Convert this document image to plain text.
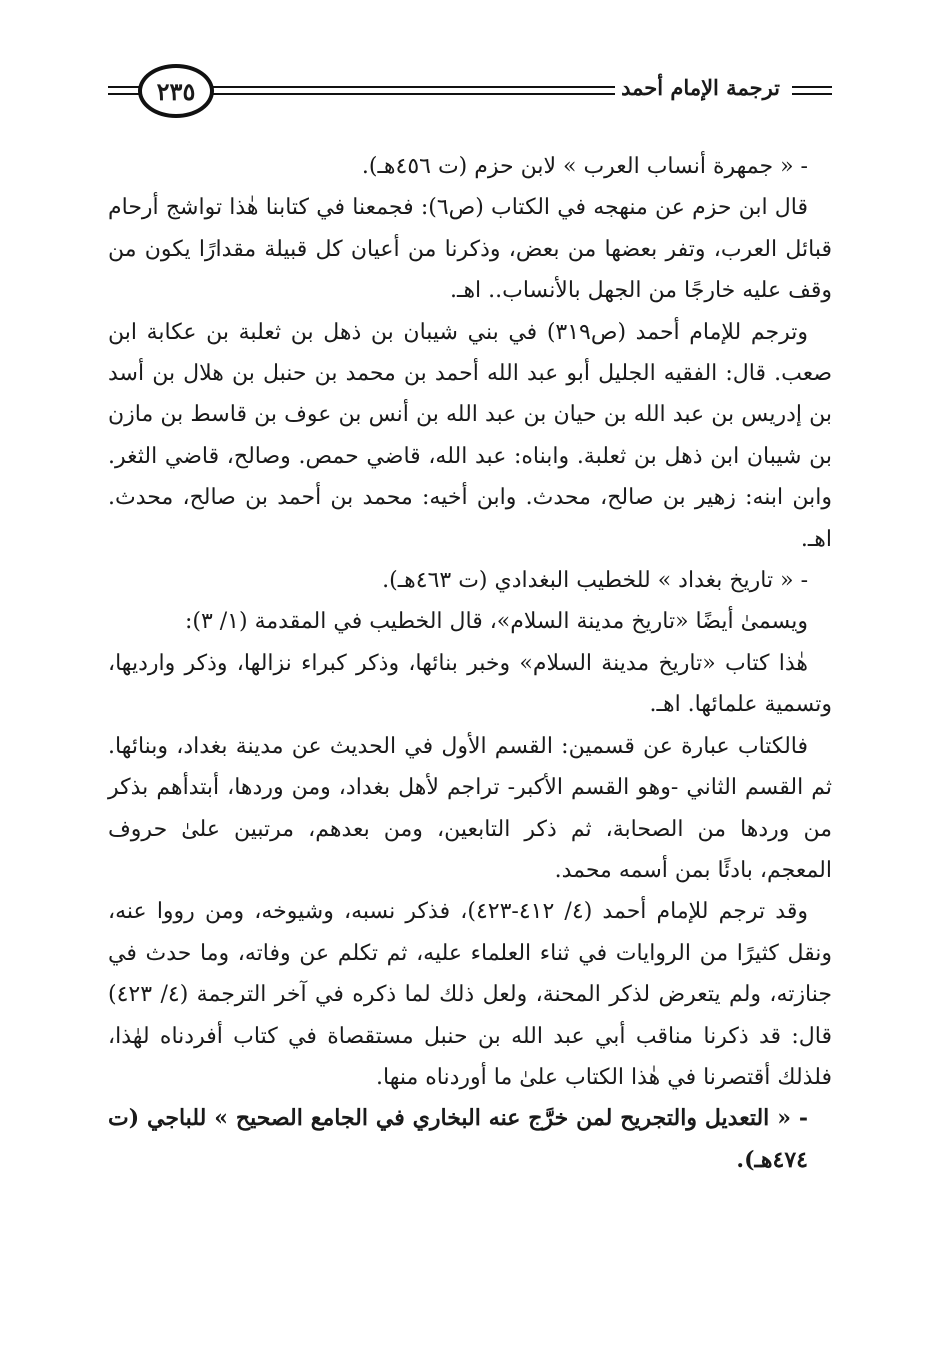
٢٣٥	ترجمة الإمام أحمد

- « جمهرة أنساب العرب » لابن حزم (ت ٤٥٦هـ).

قال ابن حزم عن منهجه في الكتاب (ص٦): فجمعنا في كتابنا هٰذا تواشج أرحام قبائل العرب، وتفر بعضها من بعض، وذكرنا من أعيان كل قبيلة مقدارًا يكون من وقف عليه خارجًا من الجهل بالأنساب.. اهـ.

وترجم للإمام أحمد (ص٣١٩) في بني شيبان بن ذهل بن ثعلبة بن عكابة ابن صعب. قال: الفقيه الجليل أبو عبد الله أحمد بن محمد بن حنبل بن هلال بن أسد بن إدريس بن عبد الله بن حيان بن عبد الله بن أنس بن عوف بن قاسط بن مازن بن شيبان ابن ذهل بن ثعلبة. وابناه: عبد الله، قاضي حمص. وصالح، قاضي الثغر. وابن ابنه: زهير بن صالح، محدث. وابن أخيه: محمد بن أحمد بن صالح، محدث. اهـ.

- « تاريخ بغداد » للخطيب البغدادي (ت ٤٦٣هـ).

ويسمىٰ أيضًا «تاريخ مدينة السلام»، قال الخطيب في المقدمة (١/ ٣):

هٰذا كتاب «تاريخ مدينة السلام» وخبر بنائها، وذكر كبراء نزالها، وذكر وارديها، وتسمية علمائها. اهـ.

فالكتاب عبارة عن قسمين: القسم الأول في الحديث عن مدينة بغداد، وبنائها. ثم القسم الثاني -وهو القسم الأكبر- تراجم لأهل بغداد، ومن وردها، أبتدأهم بذكر من وردها من الصحابة، ثم ذكر التابعين، ومن بعدهم، مرتبين علىٰ حروف المعجم، بادئًا بمن أسمه محمد.

وقد ترجم للإمام أحمد (٤/ ٤١٢-٤٢٣)، فذكر نسبه، وشيوخه، ومن رووا عنه، ونقل كثيرًا من الروايات في ثناء العلماء عليه، ثم تكلم عن وفاته، وما حدث في جنازته، ولم يتعرض لذكر المحنة، ولعل ذلك لما ذكره في آخر الترجمة (٤/ ٤٢٣) قال: قد ذكرنا مناقب أبي عبد الله بن حنبل مستقصاة في كتاب أفردناه لهٰذا، فلذلك أقتصرنا في هٰذا الكتاب علىٰ ما أوردناه منها.

- « التعديل والتجريح لمن خرَّج عنه البخاري في الجامع الصحيح » للباجي (ت ٤٧٤هـ).
